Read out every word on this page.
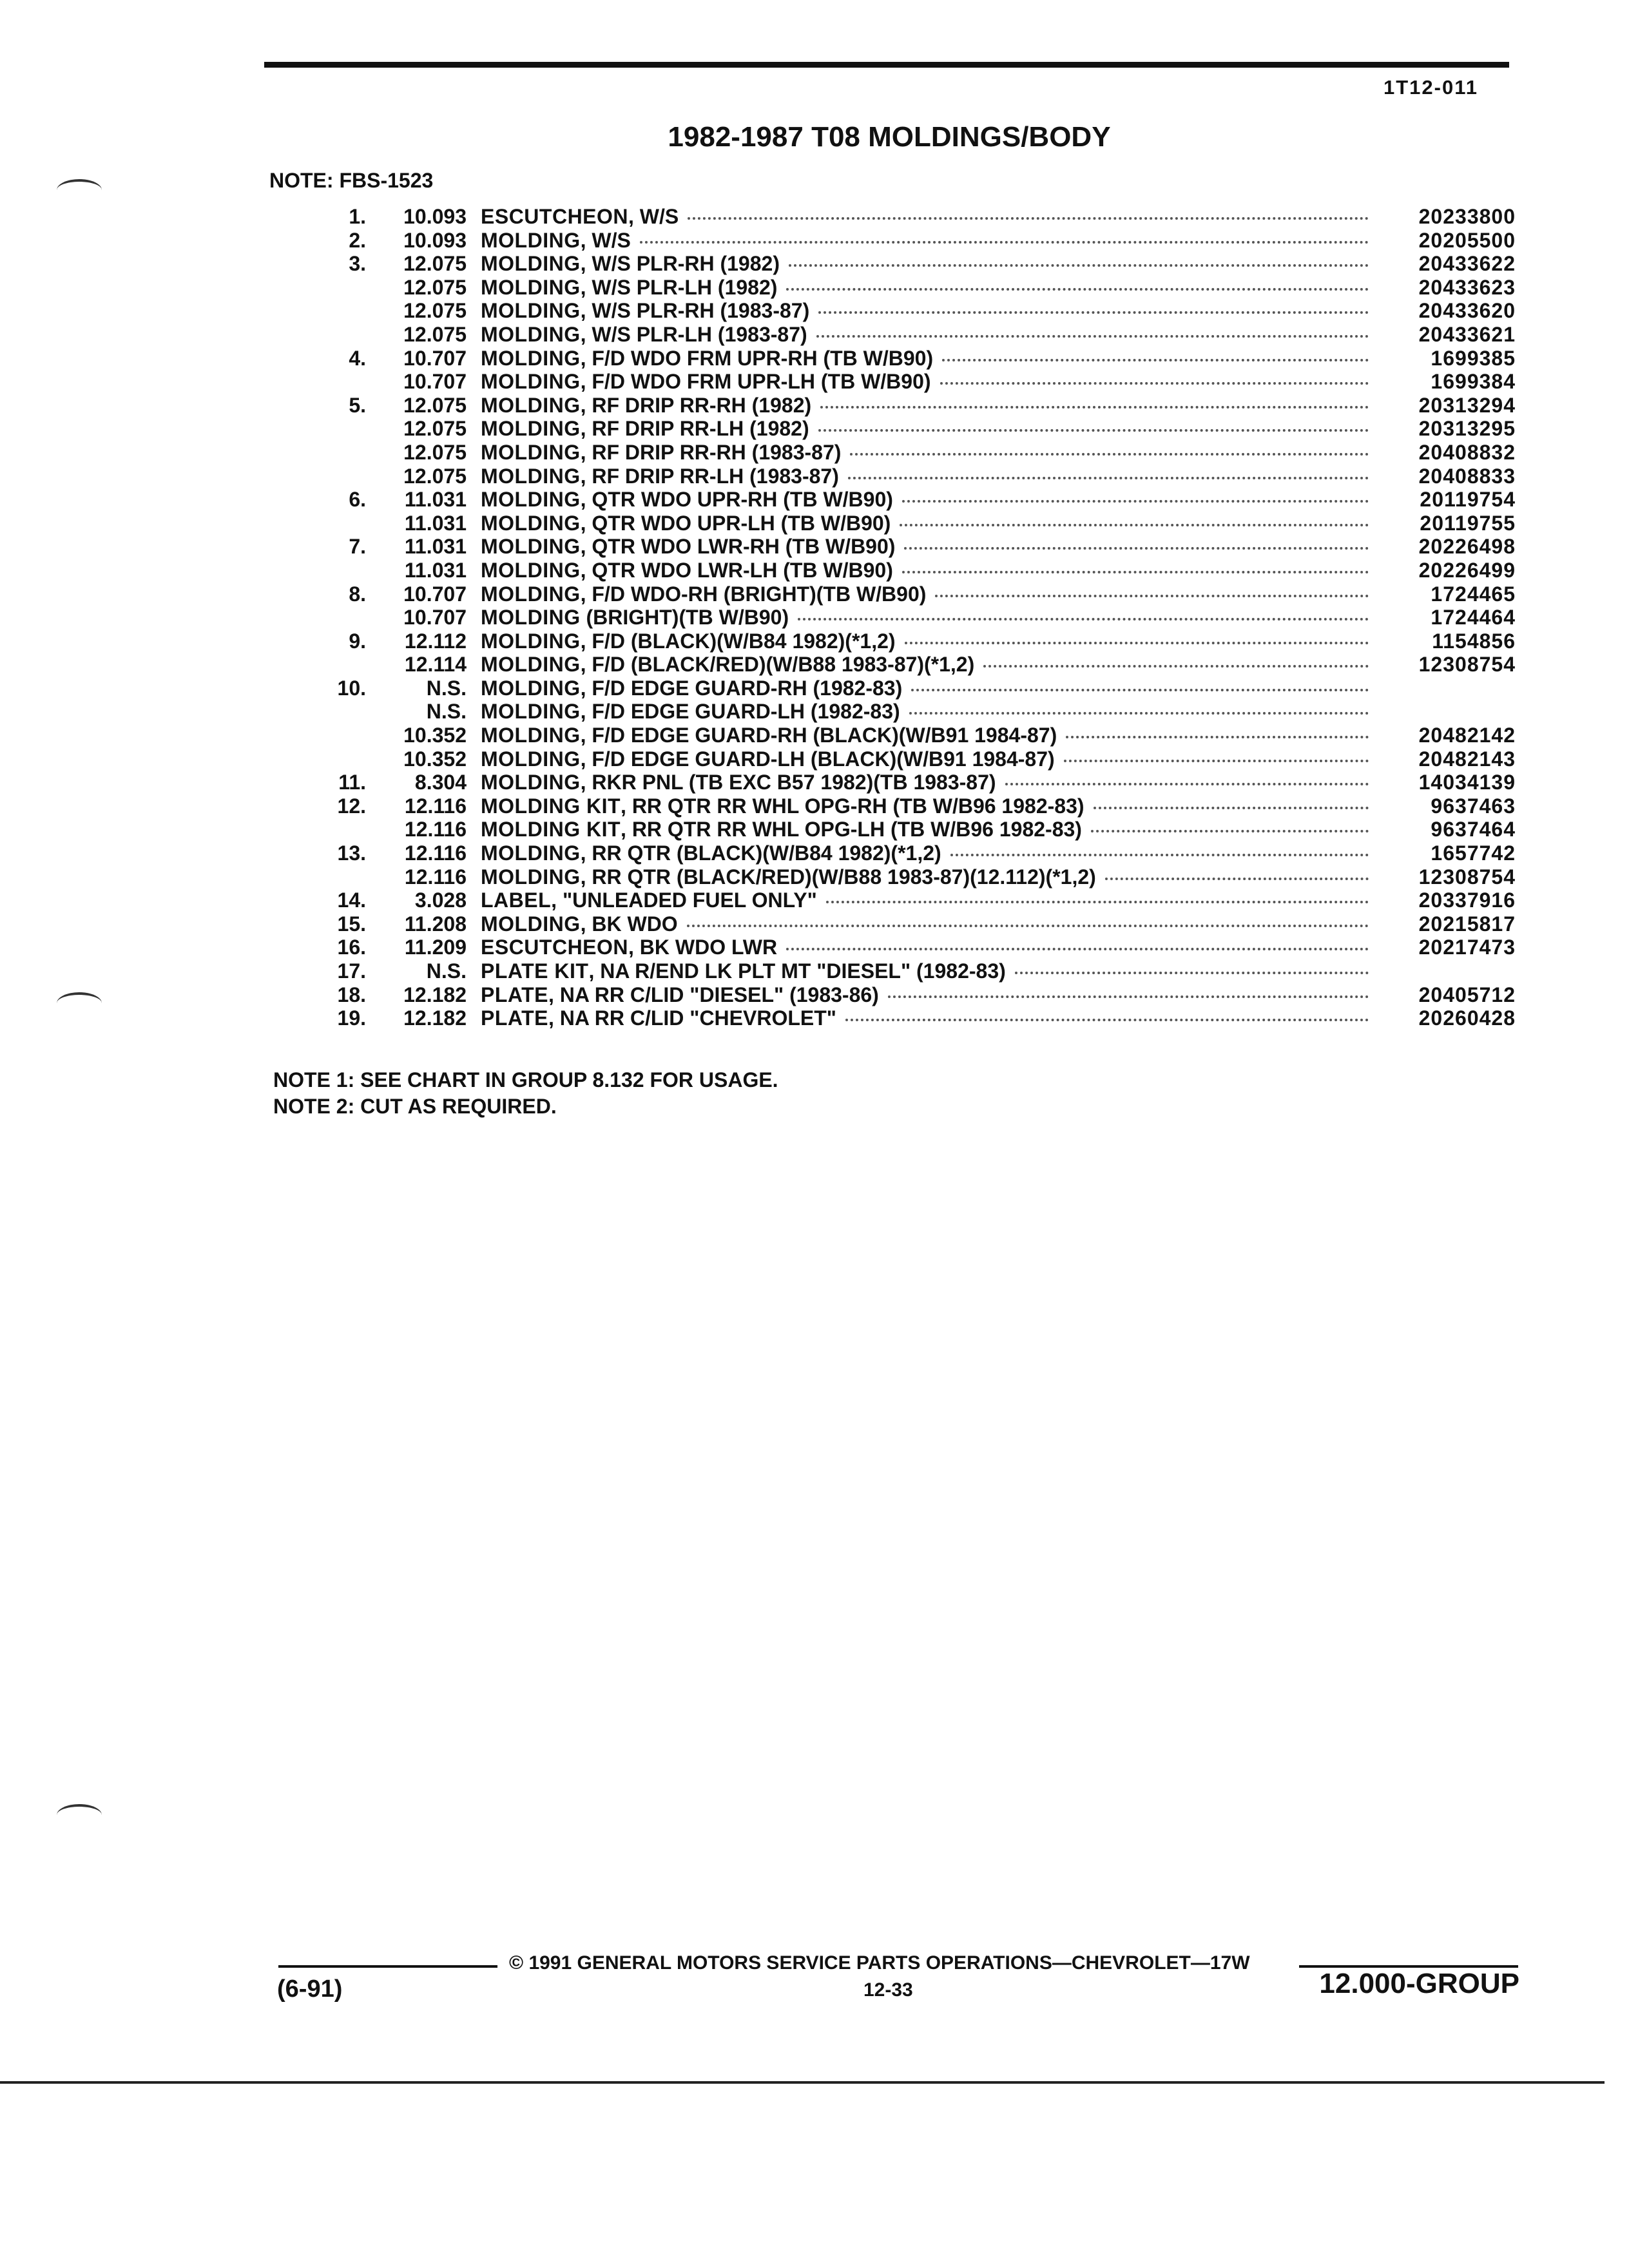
1T12-011
1982-1987 T08 MOLDINGS/BODY
NOTE: FBS-1523
1.	10.093 ESCUTCHEON, W/S	20233800
2.	10.093 MOLDING, W/S	20205500
3.	12.075 MOLDING, W/S PLR-RH (1982)	20433622
12.075 MOLDING, W/S PLR-LH (1982)	20433623
12.075 MOLDING, W/S PLR-RH (1983-87)	20433620
12.075 MOLDING, W/S PLR-LH (1983-87)	20433621
4.	10.707 MOLDING, F/D WDO FRM UPR-RH (TB W/B90)	1699385
10.707 MOLDING, F/D WDO FRM UPR-LH (TB W/B90)	1699384
5.	12.075 MOLDING, RF DRIP RR-RH (1982)	20313294
12.075 MOLDING, RF DRIP RR-LH (1982)	20313295
12.075 MOLDING, RF DRIP RR-RH (1983-87)	20408832
12.075 MOLDING, RF DRIP RR-LH (1983-87)	20408833
6.	11.031 MOLDING, QTR WDO UPR-RH (TB W/B90)	20119754
11.031 MOLDING, QTR WDO UPR-LH (TB W/B90)	20119755
7.	11.031 MOLDING, QTR WDO LWR-RH (TB W/B90)	20226498
11.031 MOLDING, QTR WDO LWR-LH (TB W/B90)	20226499
8.	10.707 MOLDING, F/D WDO-RH (BRIGHT)(TB W/B90)	1724465
10.707 MOLDING (BRIGHT)(TB W/B90)	1724464
9.	12.112 MOLDING, F/D (BLACK)(W/B84 1982)(*1,2)	1154856
12.114 MOLDING, F/D (BLACK/RED)(W/B88 1983-87)(*1,2)	12308754
10.	N.S. MOLDING, F/D EDGE GUARD-RH (1982-83)
N.S. MOLDING, F/D EDGE GUARD-LH (1982-83)
10.352 MOLDING, F/D EDGE GUARD-RH (BLACK)(W/B91 1984-87)	20482142
10.352 MOLDING, F/D EDGE GUARD-LH (BLACK)(W/B91 1984-87)	20482143
11.	8.304 MOLDING, RKR PNL (TB EXC B57 1982)(TB 1983-87)	14034139
12.	12.116 MOLDING KIT, RR QTR RR WHL OPG-RH (TB W/B96 1982-83)	9637463
12.116 MOLDING KIT, RR QTR RR WHL OPG-LH (TB W/B96 1982-83)	9637464
13.	12.116 MOLDING, RR QTR (BLACK)(W/B84 1982)(*1,2)	1657742
12.116 MOLDING, RR QTR (BLACK/RED)(W/B88 1983-87)(12.112)(*1,2)	12308754
14.	3.028 LABEL, "UNLEADED FUEL ONLY"	20337916
15.	11.208 MOLDING, BK WDO	20215817
16.	11.209 ESCUTCHEON, BK WDO LWR	20217473
17.	N.S. PLATE KIT, NA R/END LK PLT MT "DIESEL" (1982-83)
18.	12.182 PLATE, NA RR C/LID "DIESEL" (1983-86)	20405712
19.	12.182 PLATE, NA RR C/LID "CHEVROLET"	20260428
NOTE 1: SEE CHART IN GROUP 8.132 FOR USAGE.
NOTE 2: CUT AS REQUIRED.
© 1991 GENERAL MOTORS SERVICE PARTS OPERATIONS—CHEVROLET—17W
(6-91)	12-33	12.000-GROUP
